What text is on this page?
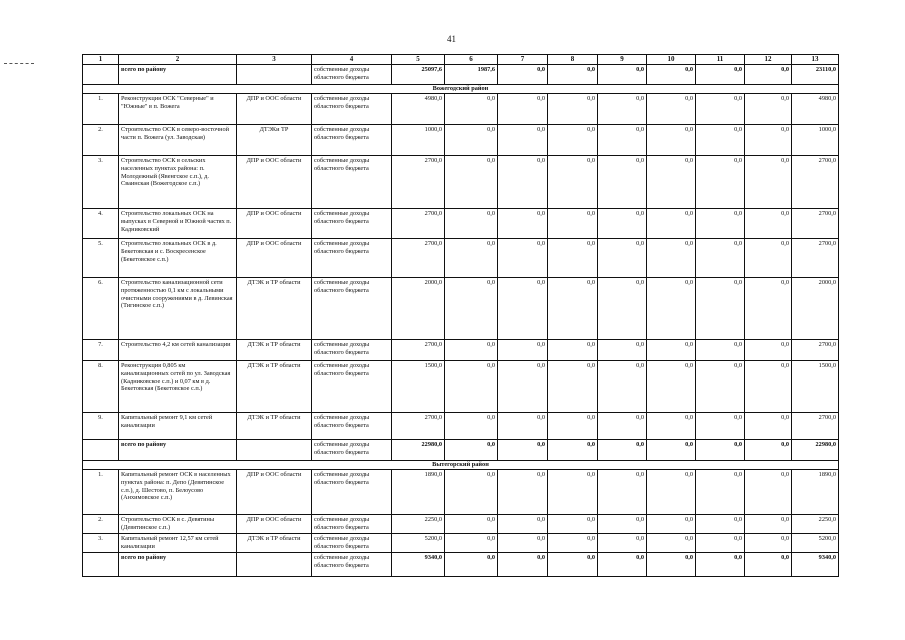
41
1	2	3	4	5	6	7	8	9	10	11	12	13
	всего по району		собственные доходы областного бюджета	25097,6	1987,6	0,0	0,0	0,0	0,0	0,0	0,0	23110,0
Вожегодский район												
1.	Реконструкция ОСК "Северные" и "Южные" в п. Вожега	ДПР и ООС области	собственные доходы областного бюджета	4980,0	0,0	0,0	0,0	0,0	0,0	0,0	0,0	4980,0
2.	Строительство ОСК в северо-восточной части п. Вожега (ул. Заводская)	ДТЭКи ТР	собственные доходы областного бюджета	1000,0	0,0	0,0	0,0	0,0	0,0	0,0	0,0	1000,0
3.	Строительство ОСК в сельских населенных пунктах района: п. Молодежный (Явенгское с.п.), д. Сваинская (Вожегодское с.п.)	ДПР и ООС области	собственные доходы областного бюджета	2700,0	0,0	0,0	0,0	0,0	0,0	0,0	0,0	2700,0
4.	Строительство локальных ОСК на выпусках в Северной и Южной частях п. Кадниковский	ДПР и ООС области	собственные доходы областного бюджета	2700,0	0,0	0,0	0,0	0,0	0,0	0,0	0,0	2700,0
5.	Строительство локальных ОСК в д. Бекетовская и с. Воскресенское (Бекетовское с.п.)	ДПР и ООС области	собственные доходы областного бюджета	2700,0	0,0	0,0	0,0	0,0	0,0	0,0	0,0	2700,0
6.	Строительство канализационной сети протяженностью 0,1 км с локальными очистными сооружениями в д. Левинская (Тигинское с.п.)	ДТЭК и ТР области	собственные доходы областного бюджета	2000,0	0,0	0,0	0,0	0,0	0,0	0,0	0,0	2000,0
7.	Строительство 4,2 км сетей канализации	ДТЭК и ТР области	собственные доходы областного бюджета	2700,0	0,0	0,0	0,0	0,0	0,0	0,0	0,0	2700,0
8.	Реконструкция 0,805 км канализационных сетей по ул. Заводская (Кадниковское с.п.) и 0,07 км в д. Бекетовская (Бекетовское с.п.)	ДТЭК и ТР области	собственные доходы областного бюджета	1500,0	0,0	0,0	0,0	0,0	0,0	0,0	0,0	1500,0
9.	Капитальный ремонт 9,1 км сетей канализации	ДТЭК и ТР области	собственные доходы областного бюджета	2700,0	0,0	0,0	0,0	0,0	0,0	0,0	0,0	2700,0
	всего по району		собственные доходы областного бюджета	22980,0	0,0	0,0	0,0	0,0	0,0	0,0	0,0	22980,0
Вытегорский район												
1.	Капитальный ремонт ОСК в населенных пунктах района: п. Депо (Девятинское с.п.), д. Шестово, п. Белоусово (Анхимовское с.п.)	ДПР и ООС области	собственные доходы областного бюджета	1890,0	0,0	0,0	0,0	0,0	0,0	0,0	0,0	1890,0
2.	Строительство ОСК в с. Девятины (Девятинское с.п.)	ДПР и ООС области	собственные доходы областного бюджета	2250,0	0,0	0,0	0,0	0,0	0,0	0,0	0,0	2250,0
3.	Капитальный ремонт 12,57 км сетей канализации	ДТЭК и ТР области	собственные доходы областного бюджета	5200,0	0,0	0,0	0,0	0,0	0,0	0,0	0,0	5200,0
	всего по району		собственные доходы областного бюджета	9340,0	0,0	0,0	0,0	0,0	0,0	0,0	0,0	9340,0
